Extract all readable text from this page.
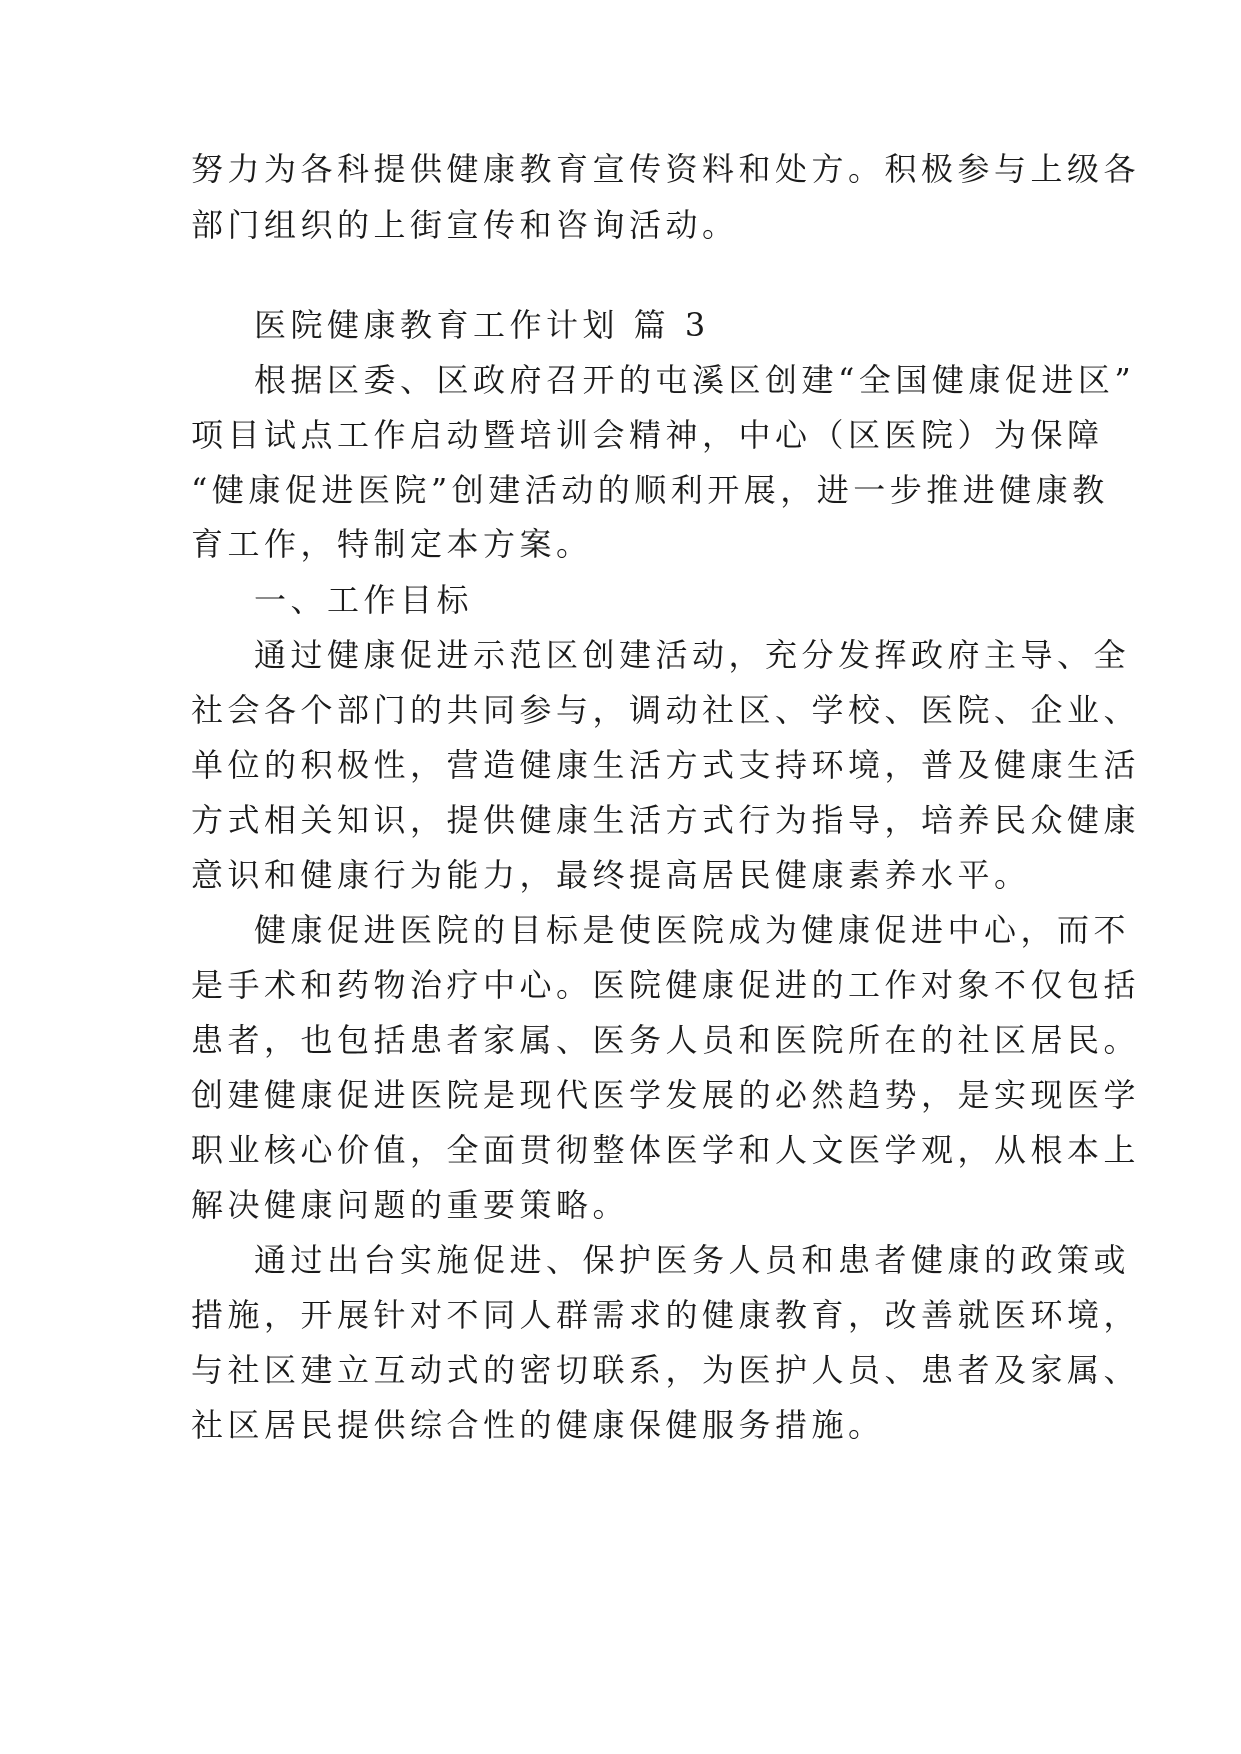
努力为各科提供健康教育宣传资料和处方。积极参与上级各

部门组织的上街宣传和咨询活动。

医院健康教育工作计划 篇 3

根据区委、区政府召开的屯溪区创建“全国健康促进区”

项目试点工作启动暨培训会精神，中心（区医院）为保障

“健康促进医院”创建活动的顺利开展，进一步推进健康教

育工作，特制定本方案。

一、工作目标

通过健康促进示范区创建活动，充分发挥政府主导、全

社会各个部门的共同参与，调动社区、学校、医院、企业、

单位的积极性，营造健康生活方式支持环境，普及健康生活

方式相关知识，提供健康生活方式行为指导，培养民众健康

意识和健康行为能力，最终提高居民健康素养水平。

健康促进医院的目标是使医院成为健康促进中心，而不

是手术和药物治疗中心。医院健康促进的工作对象不仅包括

患者，也包括患者家属、医务人员和医院所在的社区居民。

创建健康促进医院是现代医学发展的必然趋势，是实现医学

职业核心价值，全面贯彻整体医学和人文医学观，从根本上

解决健康问题的重要策略。

通过出台实施促进、保护医务人员和患者健康的政策或

措施，开展针对不同人群需求的健康教育，改善就医环境，

与社区建立互动式的密切联系，为医护人员、患者及家属、

社区居民提供综合性的健康保健服务措施。
